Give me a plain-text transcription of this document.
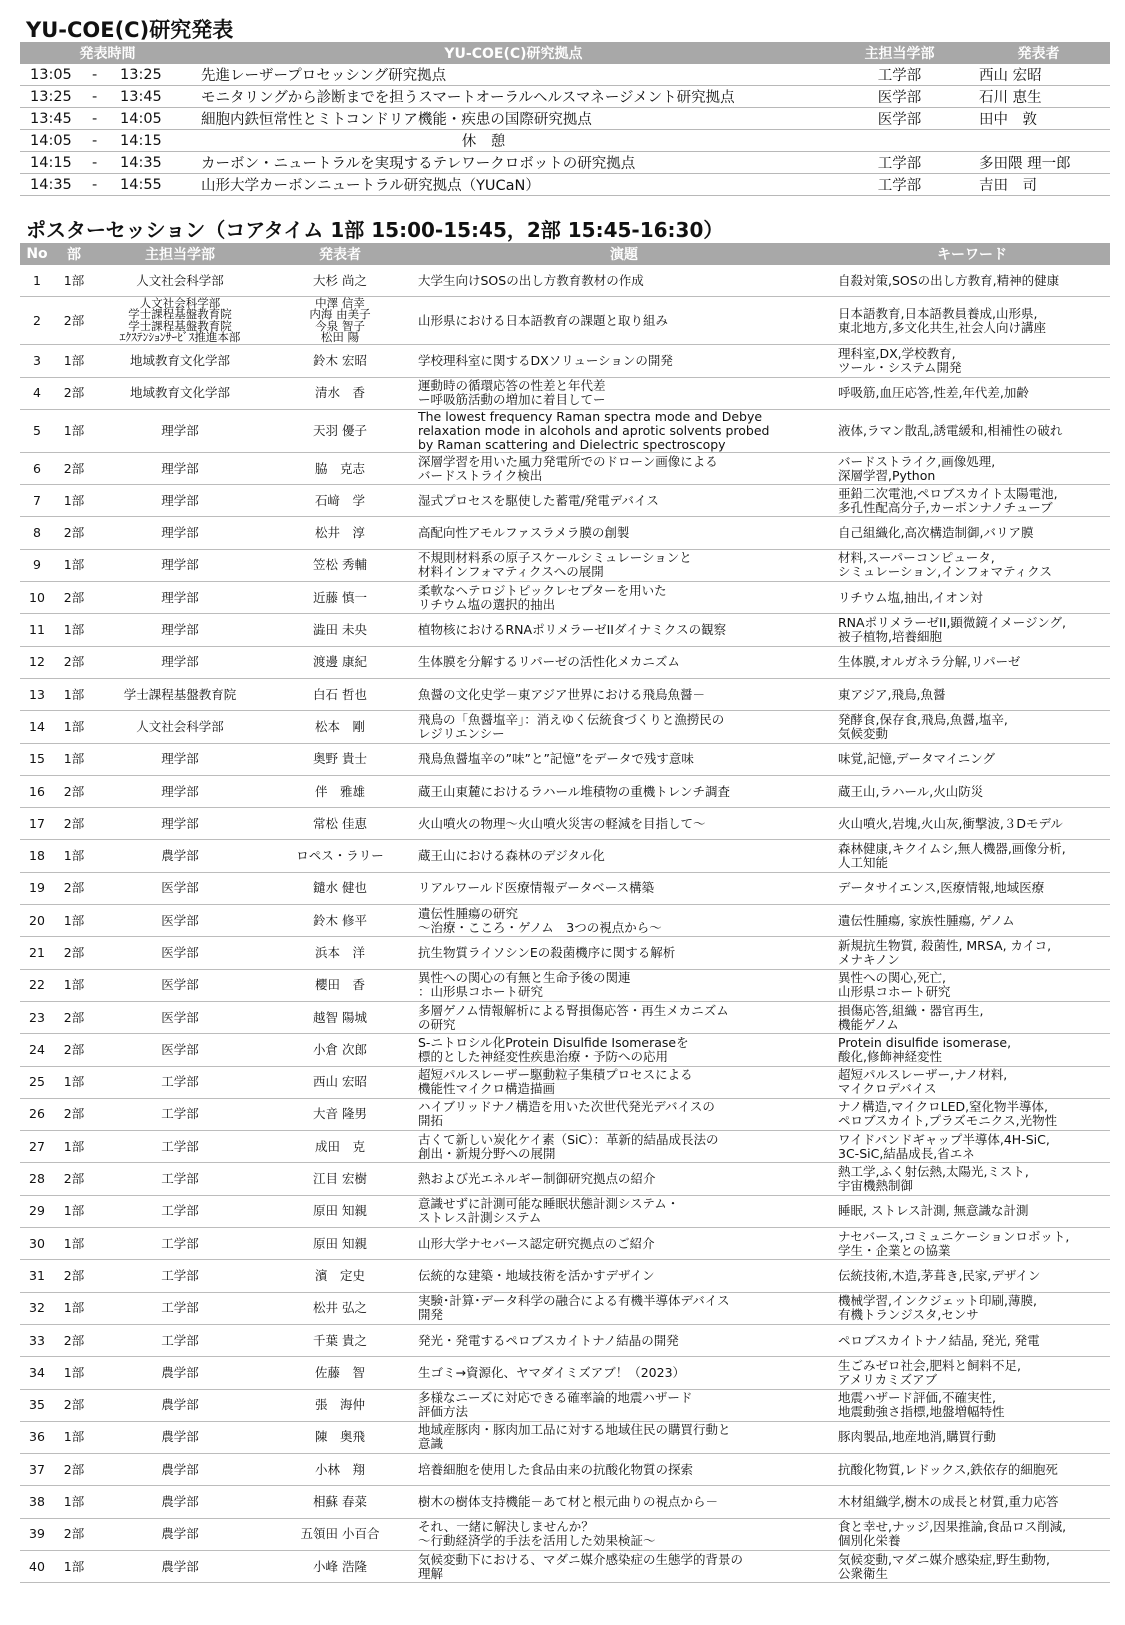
YU-COE(C)研究発表
発表時間	YU-COE(C)研究拠点	主担当学部	発表者
13:05 - 13:25	先進レーザープロセッシング研究拠点	工学部	西山 宏昭
13:25 - 13:45	モニタリングから診断までを担うスマートオーラルヘルスマネージメント研究拠点	医学部	石川 恵生
13:45 - 14:05	細胞内鉄恒常性とミトコンドリア機能・疾患の国際研究拠点	医学部	田中　敦
14:05 - 14:15	休　憩		
14:15 - 14:35	カーボン・ニュートラルを実現するテレワークロボットの研究拠点	工学部	多田隈 理一郎
14:35 - 14:55	山形大学カーボンニュートラル研究拠点（YUCaN）	工学部	吉田　司
ポスターセッション（コアタイム 1部 15:00-15:45，2部 15:45-16:30）
No	部	主担当学部	発表者	演題	キーワード
1	1部	人文社会科学部	大杉 尚之	大学生向けSOSの出し方教育教材の作成	自殺対策,SOSの出し方教育,精神的健康

2	2部	人文社会科学部
学士課程基盤教育院
学士課程基盤教育院
ｴｸｽﾃﾝｼｮﾝｻｰﾋﾞｽ推進本部	中澤 信幸
内海 由美子
今泉 智子
松田 陽	山形県における日本語教育の課題と取り組み	日本語教育,日本語教員養成,山形県,
東北地方,多文化共生,社会人向け講座

3	1部	地域教育文化学部	鈴木 宏昭	学校理科室に関するDXソリューションの開発	理科室,DX,学校教育,
ツール・システム開発

4	2部	地域教育文化学部	清水　香	運動時の循環応答の性差と年代差
ー呼吸筋活動の増加に着目してー	呼吸筋,血圧応答,性差,年代差,加齢

5	1部	理学部	天羽 優子	The lowest frequency Raman spectra mode and Debye
relaxation mode in alcohols and aprotic solvents probed
by Raman scattering and Dielectric spectroscopy	液体,ラマン散乱,誘電緩和,相補性の破れ

6	2部	理学部	脇　克志	深層学習を用いた風力発電所でのドローン画像による
バードストライク検出	バードストライク,画像処理,
深層学習,Python

7	1部	理学部	石﨑　学	湿式プロセスを駆使した蓄電/発電デバイス	亜鉛二次電池,ペロブスカイト太陽電池,
多孔性配高分子,カーボンナノチューブ

8	2部	理学部	松井　淳	高配向性アモルファスラメラ膜の創製	自己組織化,高次構造制御,バリア膜

9	1部	理学部	笠松 秀輔	不規則材料系の原子スケールシミュレーションと
材料インフォマティクスへの展開	材料,スーパーコンピュータ,
シミュレーション,インフォマティクス

10	2部	理学部	近藤 慎一	柔軟なヘテロジトピックレセプターを用いた
リチウム塩の選択的抽出	リチウム塩,抽出,イオン対

11	1部	理学部	澁田 未央	植物核におけるRNAポリメラーゼIIダイナミクスの観察	RNAポリメラーゼII,顕微鏡イメージング,
被子植物,培養細胞

12	2部	理学部	渡邊 康紀	生体膜を分解するリパーゼの活性化メカニズム	生体膜,オルガネラ分解,リパーゼ

13	1部	学士課程基盤教育院	白石 哲也	魚醤の文化史学－東アジア世界における飛鳥魚醤－	東アジア,飛鳥,魚醤

14	1部	人文社会科学部	松本　剛	飛鳥の「魚醤塩辛」：消えゆく伝統食づくりと漁撈民の
レジリエンシー	発酵食,保存食,飛鳥,魚醤,塩辛,
気候変動

15	1部	理学部	奥野 貴士	飛鳥魚醤塩辛の”味”と”記憶”をデータで残す意味	味覚,記憶,データマイニング

16	2部	理学部	伴　雅雄	蔵王山東麓におけるラハール堆積物の重機トレンチ調査	蔵王山,ラハール,火山防災

17	2部	理学部	常松 佳恵	火山噴火の物理〜火山噴火災害の軽減を目指して〜	火山噴火,岩塊,火山灰,衝撃波,３Dモデル

18	1部	農学部	ロペス・ラリー	蔵王山における森林のデジタル化	森林健康,キクイムシ,無人機器,画像分析,
人工知能

19	2部	医学部	鑓水 健也	リアルワールド医療情報データベース構築	データサイエンス,医療情報,地域医療

20	1部	医学部	鈴木 修平	遺伝性腫瘍の研究
〜治療・こころ・ゲノム　3つの視点から〜	遺伝性腫瘍, 家族性腫瘍, ゲノム

21	2部	医学部	浜本　洋	抗生物質ライソシンEの殺菌機序に関する解析	新規抗生物質, 殺菌性, MRSA, カイコ,
メナキノン

22	1部	医学部	櫻田　香	異性への関心の有無と生命予後の関連
：山形県コホート研究	異性への関心,死亡,
山形県コホート研究

23	2部	医学部	越智 陽城	多層ゲノム情報解析による腎損傷応答・再生メカニズム
の研究	損傷応答,組織・器官再生,
機能ゲノム

24	2部	医学部	小倉 次郎	S-ニトロシル化Protein Disulfide Isomeraseを
標的とした神経変性疾患治療・予防への応用	Protein disulfide isomerase,
酸化,修飾神経変性

25	1部	工学部	西山 宏昭	超短パルスレーザー駆動粒子集積プロセスによる
機能性マイクロ構造描画	超短パルスレーザー,ナノ材料,
マイクロデバイス

26	2部	工学部	大音 隆男	ハイブリッドナノ構造を用いた次世代発光デバイスの
開拓	ナノ構造,マイクロLED,窒化物半導体,
ペロブスカイト,プラズモニクス,光物性

27	1部	工学部	成田　克	古くて新しい炭化ケイ素（SiC）：革新的結晶成長法の
創出・新規分野への展開	ワイドバンドギャップ半導体,4H-SiC,
3C-SiC,結晶成長,省エネ

28	2部	工学部	江目 宏樹	熱および光エネルギー制御研究拠点の紹介	熱工学,ふく射伝熱,太陽光,ミスト,
宇宙機熱制御

29	1部	工学部	原田 知親	意識せずに計測可能な睡眠状態計測システム・
ストレス計測システム	睡眠, ストレス計測, 無意識な計測

30	1部	工学部	原田 知親	山形大学ナセバース認定研究拠点のご紹介	ナセバース,コミュニケーションロボット,
学生・企業との協業

31	2部	工学部	濱　定史	伝統的な建築・地域技術を活かすデザイン	伝統技術,木造,茅葺き,民家,デザイン

32	1部	工学部	松井 弘之	実験･計算･データ科学の融合による有機半導体デバイス
開発	機械学習,インクジェット印刷,薄膜,
有機トランジスタ,センサ

33	2部	工学部	千葉 貴之	発光・発電するペロブスカイトナノ結晶の開発	ペロブスカイトナノ結晶, 発光, 発電

34	1部	農学部	佐藤　智	生ゴミ→資源化、ヤマダイミズアブ！（2023）	生ごみゼロ社会,肥料と飼料不足,
アメリカミズアブ

35	2部	農学部	張　海仲	多様なニーズに対応できる確率論的地震ハザード
評価方法	地震ハザード評価,不確実性,
地震動強さ指標,地盤増幅特性

36	1部	農学部	陳　奥飛	地域産豚肉・豚肉加工品に対する地域住民の購買行動と
意識	豚肉製品,地産地消,購買行動

37	2部	農学部	小林　翔	培養細胞を使用した食品由来の抗酸化物質の探索	抗酸化物質,レドックス,鉄依存的細胞死

38	1部	農学部	相蘇 春菜	樹木の樹体支持機能－あて材と根元曲りの視点から－	木材組織学,樹木の成長と材質,重力応答

39	2部	農学部	五領田 小百合	それ、一緒に解決しませんか？
〜行動経済学的手法を活用した効果検証〜	食と幸せ,ナッジ,因果推論,食品ロス削減,
個別化栄養

40	1部	農学部	小峰 浩隆	気候変動下における、マダニ媒介感染症の生態学的背景の
理解	気候変動,マダニ媒介感染症,野生動物,
公衆衛生
